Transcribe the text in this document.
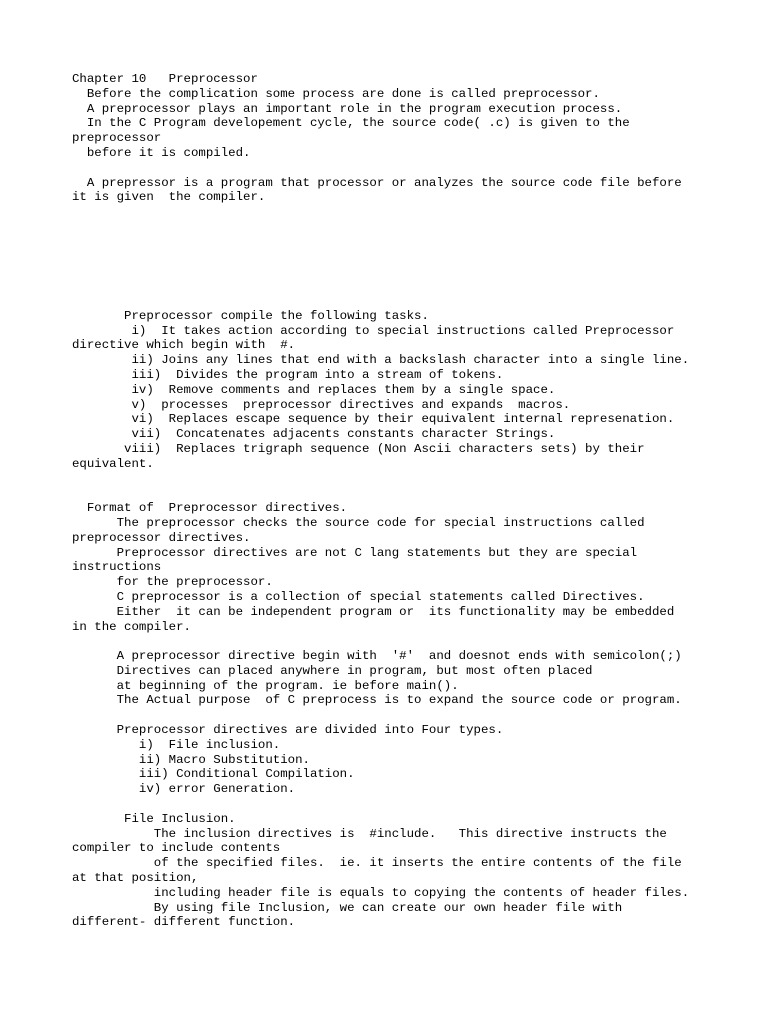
Chapter 10   Preprocessor
Before the complication some process are done is called preprocessor.
A preprocessor plays an important role in the program execution process.
In the C Program developement cycle, the source code( .c) is given to the
preprocessor
before it is compiled.
A prepressor is a program that processor or analyzes the source code file before
it is given  the compiler.
Preprocessor compile the following tasks.
i)  It takes action according to special instructions called Preprocessor
directive which begin with  #.
ii) Joins any lines that end with a backslash character into a single line.
iii)  Divides the program into a stream of tokens.
iv)  Remove comments and replaces them by a single space.
v)  processes  preprocessor directives and expands  macros.
vi)  Replaces escape sequence by their equivalent internal represenation.
vii)  Concatenates adjacents constants character Strings.
viii)  Replaces trigraph sequence (Non Ascii characters sets) by their
equivalent.
Format of  Preprocessor directives.
The preprocessor checks the source code for special instructions called
preprocessor directives.
Preprocessor directives are not C lang statements but they are special
instructions
for the preprocessor.
C preprocessor is a collection of special statements called Directives.
Either  it can be independent program or  its functionality may be embedded
in the compiler.
A preprocessor directive begin with  '#'  and doesnot ends with semicolon(;)
Directives can placed anywhere in program, but most often placed
at beginning of the program. ie before main().
The Actual purpose  of C preprocess is to expand the source code or program.
Preprocessor directives are divided into Four types.
i)  File inclusion.
ii) Macro Substitution.
iii) Conditional Compilation.
iv) error Generation.
File Inclusion.
The inclusion directives is  #include.   This directive instructs the
compiler to include contents
of the specified files.  ie. it inserts the entire contents of the file
at that position,
including header file is equals to copying the contents of header files.
By using file Inclusion, we can create our own header file with
different- different function.
